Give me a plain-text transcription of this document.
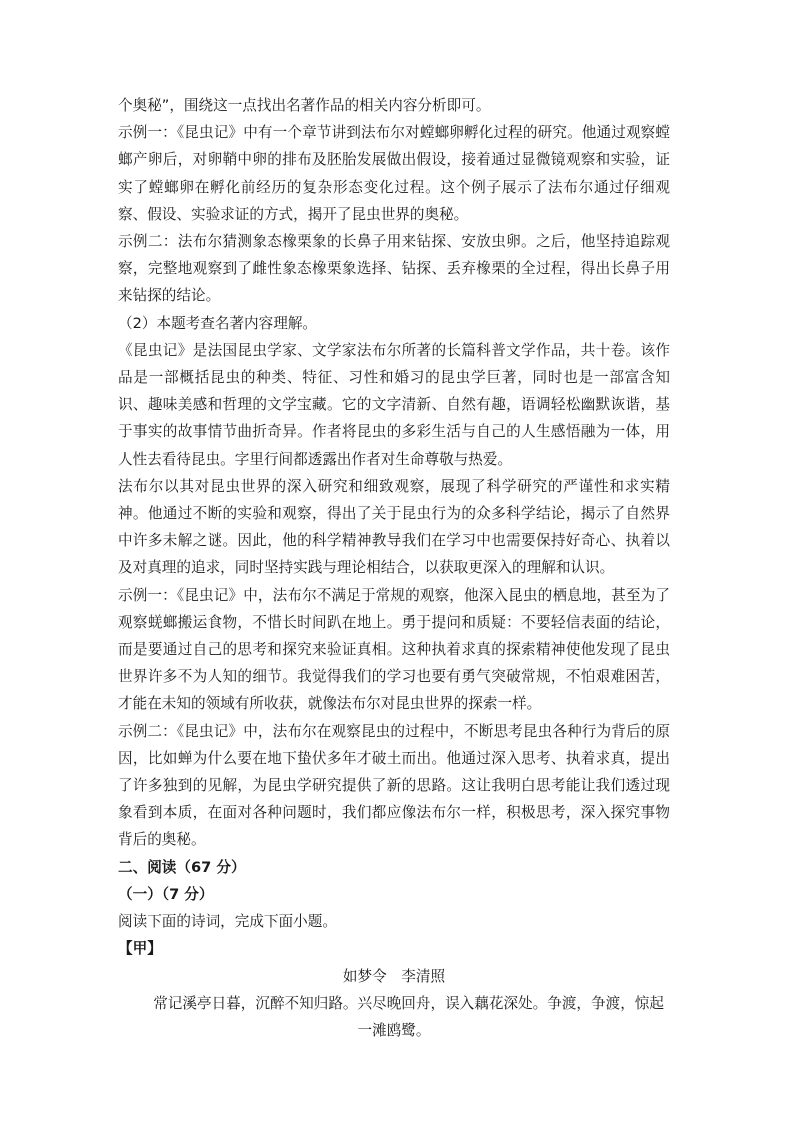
个奥秘”，围绕这一点找出名著作品的相关内容分析即可。

示例一：《昆虫记》中有一个章节讲到法布尔对螳螂卵孵化过程的研究。他通过观察螳螂产卵后，对卵鞘中卵的排布及胚胎发展做出假设，接着通过显微镜观察和实验，证实了螳螂卵在孵化前经历的复杂形态变化过程。这个例子展示了法布尔通过仔细观察、假设、实验求证的方式，揭开了昆虫世界的奥秘。

示例二：法布尔猜测象态橡栗象的长鼻子用来钻探、安放虫卵。之后，他坚持追踪观察，完整地观察到了雌性象态橡栗象选择、钻探、丢弃橡栗的全过程，得出长鼻子用来钻探的结论。

（2）本题考查名著内容理解。

《昆虫记》是法国昆虫学家、文学家法布尔所著的长篇科普文学作品，共十卷。该作品是一部概括昆虫的种类、特征、习性和婚习的昆虫学巨著，同时也是一部富含知识、趣味美感和哲理的文学宝藏。它的文字清新、自然有趣，语调轻松幽默诙谐，基于事实的故事情节曲折奇异。作者将昆虫的多彩生活与自己的人生感悟融为一体，用人性去看待昆虫。字里行间都透露出作者对生命尊敬与热爱。

法布尔以其对昆虫世界的深入研究和细致观察，展现了科学研究的严谨性和求实精神。他通过不断的实验和观察，得出了关于昆虫行为的众多科学结论，揭示了自然界中许多未解之谜。因此，他的科学精神教导我们在学习中也需要保持好奇心、执着以及对真理的追求，同时坚持实践与理论相结合，以获取更深入的理解和认识。

示例一：《昆虫记》中，法布尔不满足于常规的观察，他深入昆虫的栖息地，甚至为了观察蜣螂搬运食物，不惜长时间趴在地上。勇于提问和质疑：不要轻信表面的结论，而是要通过自己的思考和探究来验证真相。这种执着求真的探索精神使他发现了昆虫世界许多不为人知的细节。我觉得我们的学习也要有勇气突破常规，不怕艰难困苦，才能在未知的领域有所收获，就像法布尔对昆虫世界的探索一样。

示例二：《昆虫记》中，法布尔在观察昆虫的过程中，不断思考昆虫各种行为背后的原因，比如蝉为什么要在地下蛰伏多年才破土而出。他通过深入思考、执着求真，提出了许多独到的见解，为昆虫学研究提供了新的思路。这让我明白思考能让我们透过现象看到本质，在面对各种问题时，我们都应像法布尔一样，积极思考，深入探究事物背后的奥秘。

二、阅读（67 分）

（一）（7 分）

阅读下面的诗词，完成下面小题。

【甲】

如梦令　李清照

常记溪亭日暮，沉醉不知归路。兴尽晚回舟，误入藕花深处。争渡，争渡，惊起一滩鸥鹭。
